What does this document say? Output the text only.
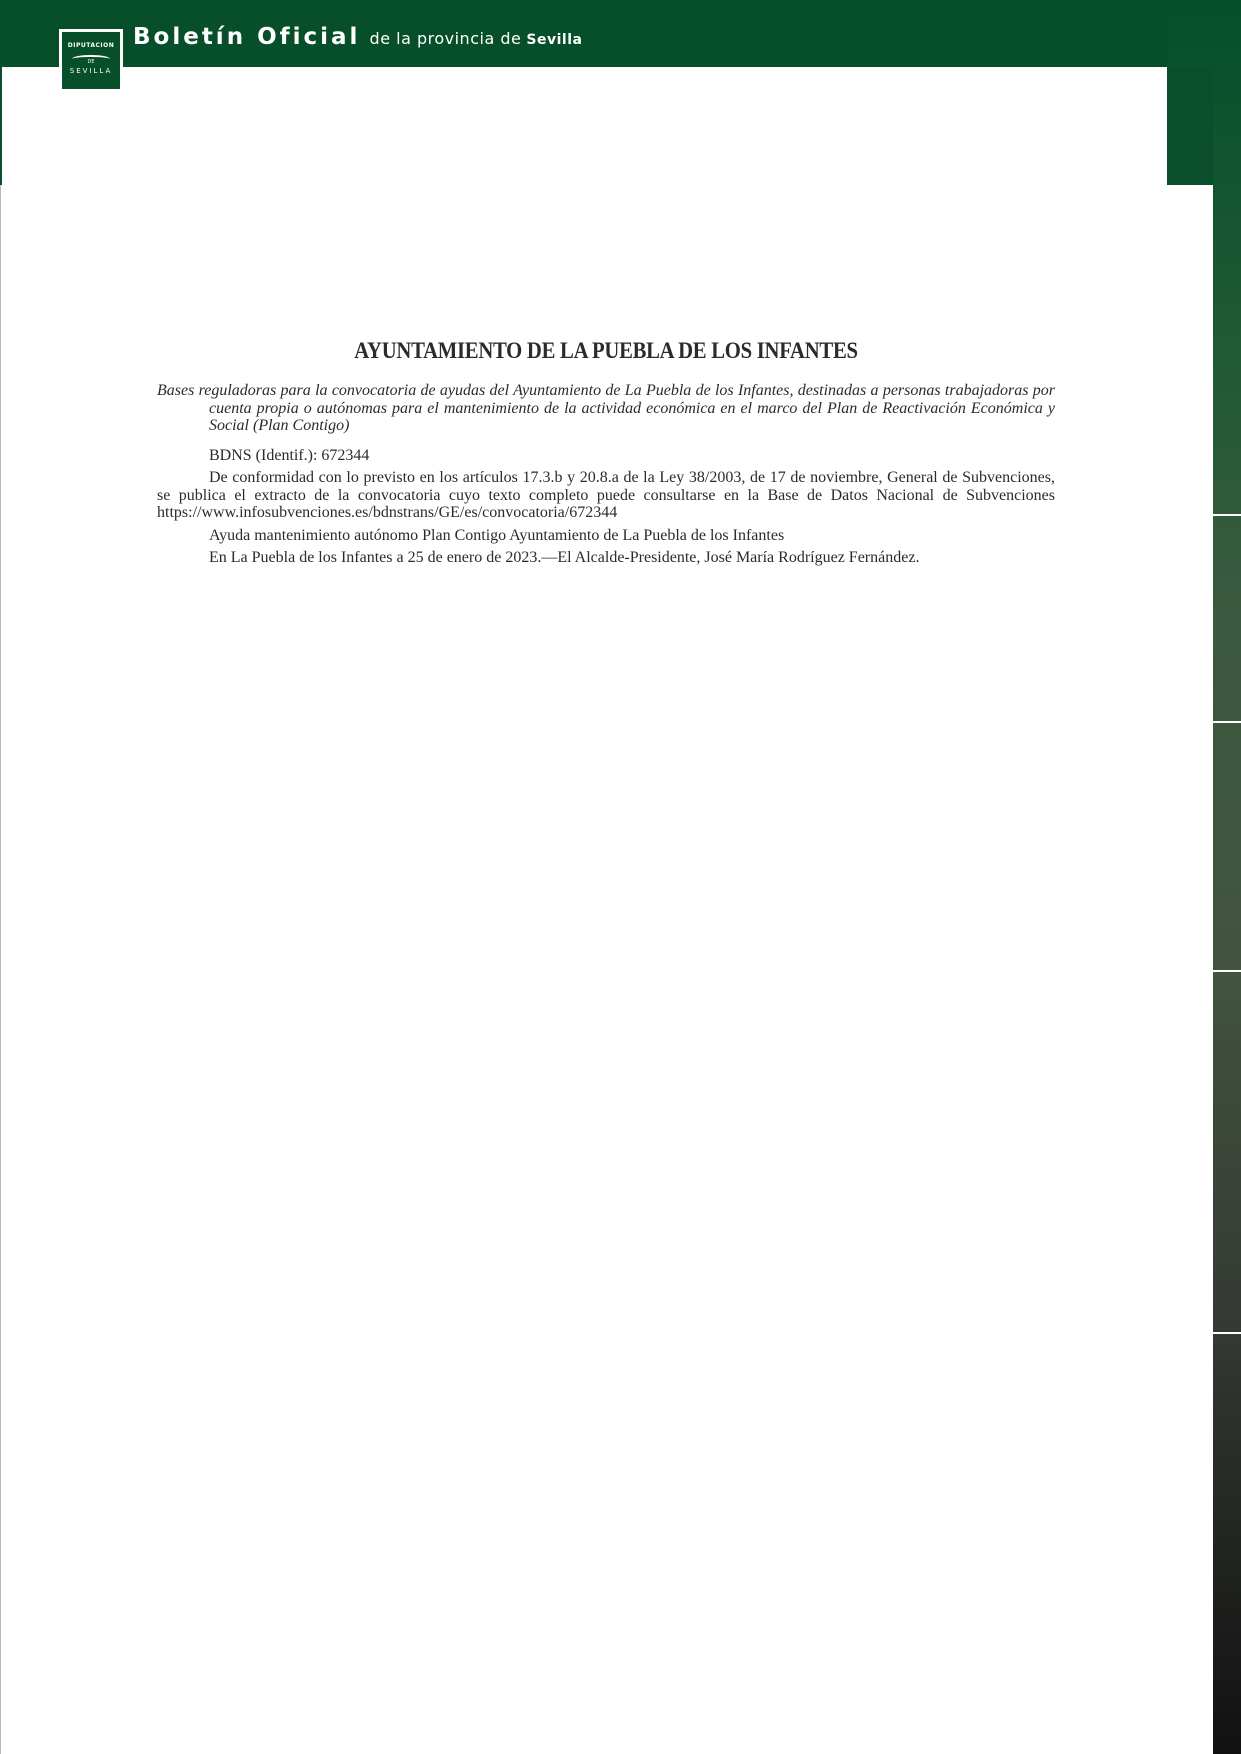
DIPUTACION
DE
SEVILLA
Boletín Oficial de la provincia de Sevilla
AYUNTAMIENTO DE LA PUEBLA DE LOS INFANTES

Bases reguladoras para la convocatoria de ayudas del Ayuntamiento de La Puebla de los Infantes, destinadas a personas trabajadoras por cuenta propia o autónomas para el mantenimiento de la actividad económica en el marco del Plan de Reactivación Económica y Social (Plan Contigo)

BDNS (Identif.): 672344

De conformidad con lo previsto en los artículos 17.3.b y 20.8.a de la Ley 38/2003, de 17 de noviembre, General de Subvenciones, se publica el extracto de la convocatoria cuyo texto completo puede consultarse en la Base de Datos Nacional de Subvenciones https://www.infosubvenciones.es/bdnstrans/GE/es/convocatoria/672344

Ayuda mantenimiento autónomo Plan Contigo Ayuntamiento de La Puebla de los Infantes

En La Puebla de los Infantes a 25 de enero de 2023.—El Alcalde-Presidente, José María Rodríguez Fernández.
